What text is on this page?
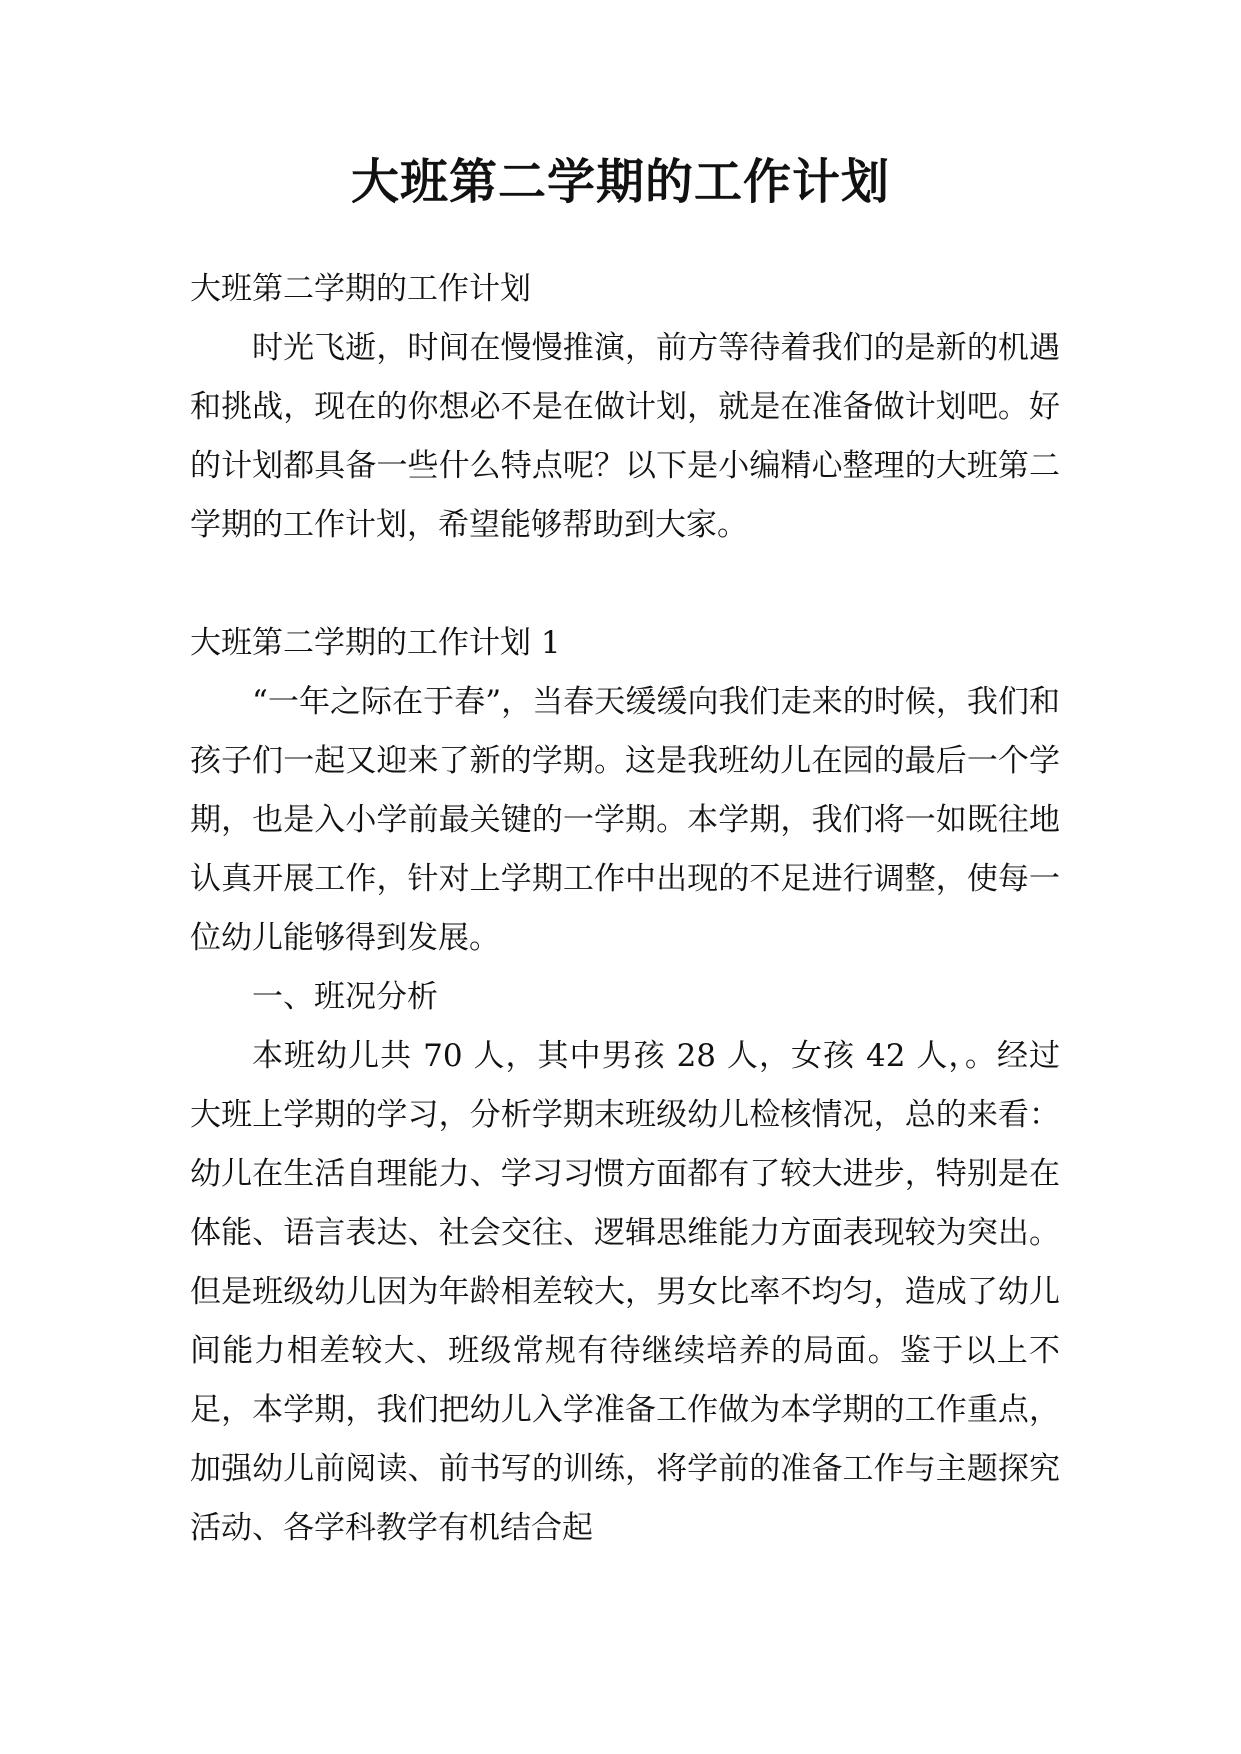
大班第二学期的工作计划

大班第二学期的工作计划

时光飞逝，时间在慢慢推演，前方等待着我们的是新的机遇和挑战，现在的你想必不是在做计划，就是在准备做计划吧。好的计划都具备一些什么特点呢？以下是小编精心整理的大班第二学期的工作计划，希望能够帮助到大家。

大班第二学期的工作计划 1

“一年之际在于春”，当春天缓缓向我们走来的时候，我们和孩子们一起又迎来了新的学期。这是我班幼儿在园的最后一个学期，也是入小学前最关键的一学期。本学期，我们将一如既往地认真开展工作，针对上学期工作中出现的不足进行调整，使每一位幼儿能够得到发展。

一、班况分析

本班幼儿共 70 人，其中男孩 28 人，女孩 42 人，。经过大班上学期的学习，分析学期末班级幼儿检核情况，总的来看：幼儿在生活自理能力、学习习惯方面都有了较大进步，特别是在体能、语言表达、社会交往、逻辑思维能力方面表现较为突出。但是班级幼儿因为年龄相差较大，男女比率不均匀，造成了幼儿间能力相差较大、班级常规有待继续培养的局面。鉴于以上不足，本学期，我们把幼儿入学准备工作做为本学期的工作重点，加强幼儿前阅读、前书写的训练，将学前的准备工作与主题探究活动、各学科教学有机结合起
